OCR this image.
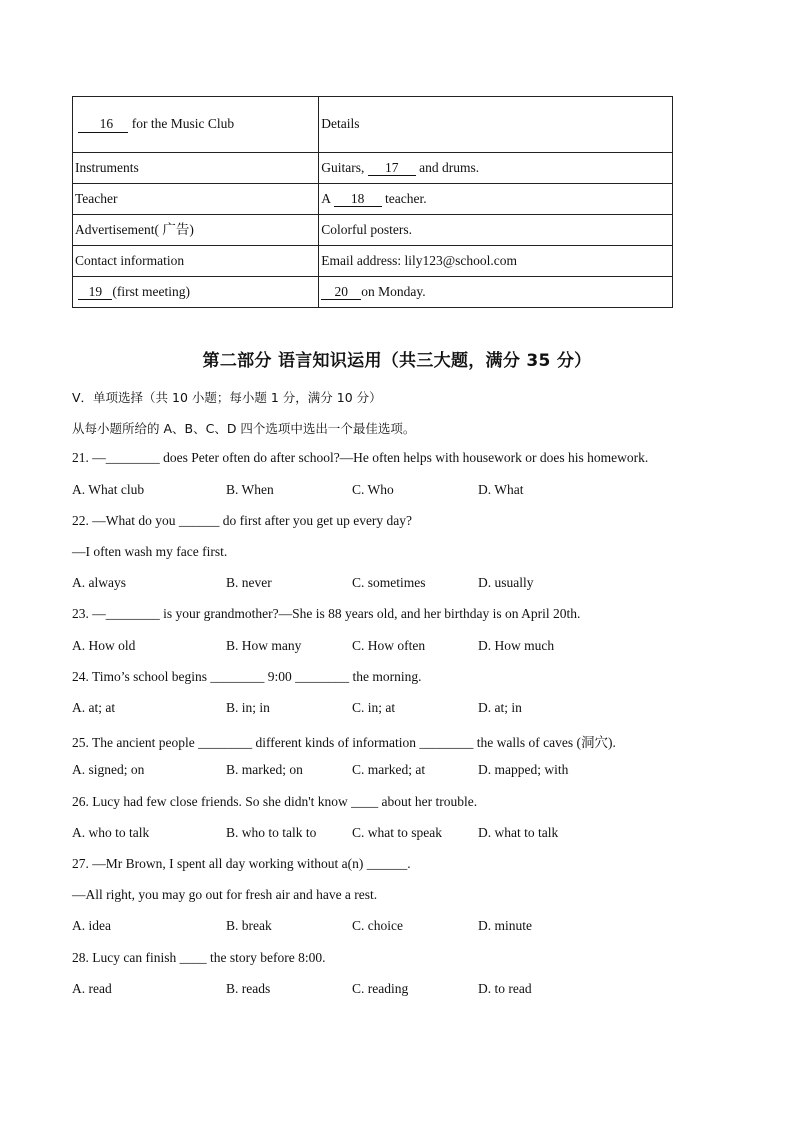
16 for the Music Club	Details
Instruments	Guitars, 17 and drums.
Teacher	A 18 teacher.
Advertisement( 广告)	Colorful posters.
Contact information	Email address: lily123@school.com
19 (first meeting)	20 on Monday.
第二部分 语言知识运用（共三大题，满分 35 分）
V．单项选择（共 10 小题；每小题 1 分，满分 10 分）
从每小题所给的 A、B、C、D 四个选项中选出一个最佳选项。
21. —________ does Peter often do after school?—He often helps with housework or does his homework.
A. What club	B. When	C. Who	D. What
22. —What do you ______ do first after you get up every day?
—I often wash my face first.
A. always	B. never	C. sometimes	D. usually
23. —________ is your grandmother?—She is 88 years old, and her birthday is on April 20th.
A. How old	B. How many	C. How often	D. How much
24. Timo’s school begins ________ 9:00 ________ the morning.
A. at; at	B. in; in	C. in; at	D. at; in
25. The ancient people ________ different kinds of information ________ the walls of caves (洞穴).
A. signed; on	B. marked; on	C. marked; at	D. mapped; with
26. Lucy had few close friends. So she didn't know ____ about her trouble.
A. who to talk	B. who to talk to	C. what to speak	D. what to talk
27. —Mr Brown, I spent all day working without a(n) ______.
—All right, you may go out for fresh air and have a rest.
A. idea	B. break	C. choice	D. minute
28. Lucy can finish ____ the story before 8:00.
A. read	B. reads	C. reading	D. to read
